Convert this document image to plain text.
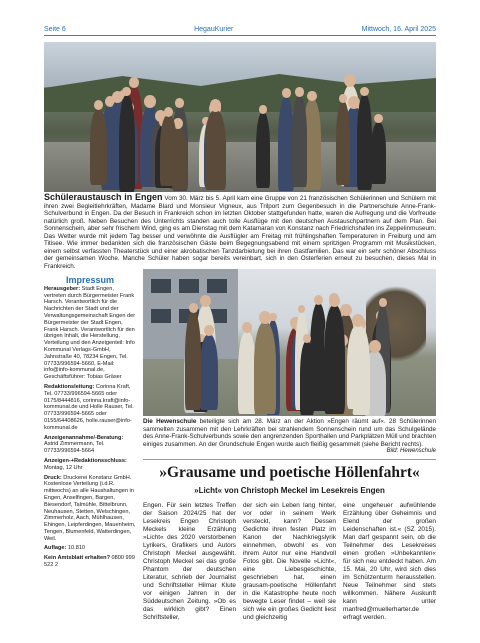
Seite 6	HegauKurier	Mittwoch, 16. April 2025
Schüleraustausch in Engen Vom 30. März bis 5. April kam eine Gruppe von 21 französischen Schülerinnen und Schülern mit ihren zwei Begleitlehrkräften, Madame Blard und Monsieur Vigneux, aus Trilport zum Gegenbesuch in die Partnerschule Anne-Frank-Schulverbund in Engen. Da der Besuch in Frankreich schon im letzten Oktober stattgefunden hatte, waren die Aufregung und die Vorfreude natürlich groß. Neben Besuchen des Unterrichts standen auch tolle Ausflüge mit den deutschen Austauschpartnern auf dem Plan. Bei Sonnenschein, aber sehr frischem Wind, ging es am Dienstag mit dem Katamaran von Konstanz nach Friedrichshafen ins Zeppelinmuseum. Das Wetter wurde mit jedem Tag besser und verwöhnte die Ausflügler am Freitag mit frühlingshaften Temperaturen in Freiburg und am Titisee. Wie immer bedankten sich die französischen Gäste beim Begegnungsabend mit einem spritzigen Programm mit Musikstücken, einem selbst verfassten Theaterstück und einer akrobatischen Tanzdarbietung bei ihren Gastfamilien. Das war ein sehr schöner Abschluss der gemeinsamen Woche. Manche Schüler haben sogar bereits vereinbart, sich in den Osterferien erneut zu besuchen, dieses Mal in Frankreich.
Impressum

Herausgeber: Stadt Engen, vertreten durch Bürgermeister Frank Harsch. Verantwortlich für die Nachrichten der Stadt und der Verwaltungsgemeinschaft Engen der Bürgermeister der Stadt Engen, Frank Harsch. Verantwortlich für den übrigen Inhalt, die Herstellung, Verteilung und den Anzeigenteil: Info Kommunal Verlags-GmbH, Jahnstraße 40, 78234 Engen, Tel. 07733/996594-5660, E-Mail: info@info-kommunal.de, Geschäftsführer: Tobias Gräser

Redaktionsleitung: Corinna Kraft, Tel. 07733/996594-5665 oder 0175/8444816, corinna.kraft@info-kommunal.de und Holle Rauser, Tel. 07733/996594-5665 oder 0155/64408626, holle.rauser@info-kommunal.de

Anzeigenannahme/-Beratung: Astrid Zimmermann, Tel. 07733/996594-5664

Anzeigen-+Redaktionsschluss: Montag, 12 Uhr

Druck: Druckerei Konstanz GmbH. Kostenlose Verteilung (i.d.R. mittwochs) an alle Haushaltungen in Engen, Anselfingen, Bargen, Biesendorf, Talmühle, Bittelbrunn, Neuhausen, Stetten, Welschingen, Zimmerholz, Aach, Mühlhausen, Ehingen, Leipferdingen, Mauenheim, Tengen, Blumenfeld, Watterdingen, Weil.

Auflage: 10.810

Kein Amtsblatt erhalten? 0800 999 522 2

Die Hewenschule beteiligte sich am 28. März an der Aktion »Engen räumt auf«. 28 Schülerinnen sammelten zusammen mit den Lehrkräften bei strahlendem Sonnenschein rund um das Schulgelände des Anne-Frank-Schulverbunds sowie den angrenzenden Sporthallen und Parkplätzen Müll und brachten einiges zusammen. An der Grundschule Engen wurde auch fleißig gesammelt (siehe Bericht rechts).
Bild: Hewenschule
»Grausame und poetische Höllenfahrt«
»Licht« von Christoph Meckel im Lesekreis Engen
Engen. Für sein letztes Treffen der Saison 2024/25 hat der Lesekreis Engen Christoph Meckels kleine Erzählung »Licht« des 2020 verstorbenen Lyrikers, Grafikers und Autors Christoph Meckel ausgewählt. Christoph Meckel sei das große Phantom der deutschen Literatur, schrieb der Journalist und Schriftsteller Hilmar Klute vor einigen Jahren in der Süddeutschen Zeitung. »Ob es das wirklich gibt? Einen Schriftsteller,
der sich ein Leben lang hinter, vor oder in seinem Werk versteckt, kann? Dessen Gedichte ihren festen Platz im Kanon der Nachkriegslyrik einnehmen, obwohl es von ihrem Autor nur eine Handvoll Fotos gibt. Die Novelle »Licht«, eine Liebesgeschichte, geschrieben hat, einen grausam-poetische Höllenfahrt in die Katastrophe heute noch bewegte Leser findet – weil sie sich wie ein großes Gedicht liest und gleichzeitig
eine ungeheuer aufwühlende Erzählung über Geheimnis und Elend der großen Leidenschaften ist.« (SZ 2015). Man darf gespannt sein, ob die Teilnehmer des Lesekreises einen großen »Unbekannten« für sich neu entdeckt haben. Am 15. Mai, 20 Uhr, wird sich dies im Schützenturm herausstellen. Neue Teilnehmer sind stets willkommen. Nähere Auskunft kann unter manfred@muellerharter.de erfragt werden.
